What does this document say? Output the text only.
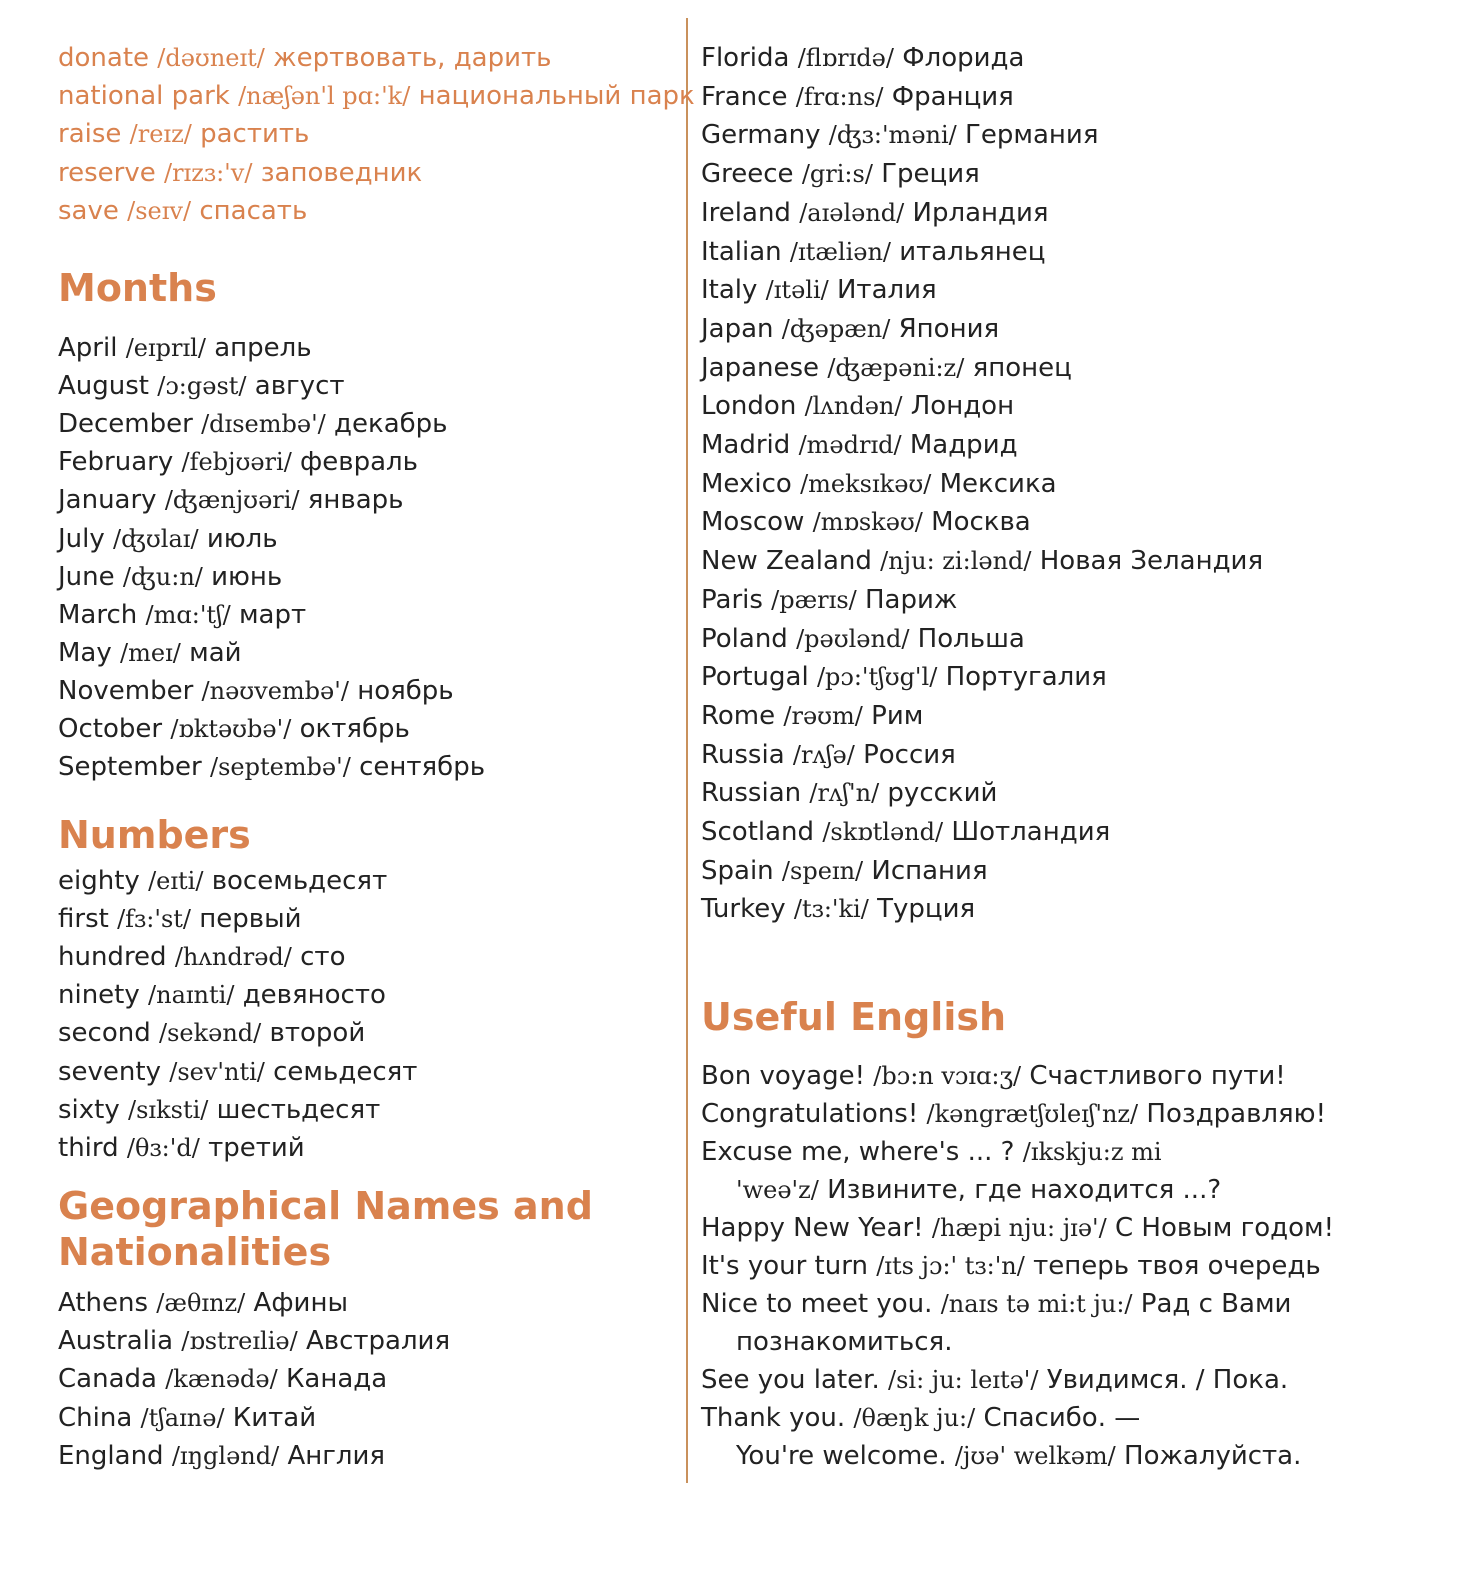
donate /dəʊneɪt/ жертвовать, дарить
national park /næʃən'l pɑ:'k/ национальный парк
raise /reɪz/ растить
reserve /rɪzɜ:'v/ заповедник
save /seɪv/ спасать
Months
April /eɪprɪl/ апрель
August /ɔ:gəst/ август
December /dɪsembə'/ декабрь
February /febjʊəri/ февраль
January /ʤænjʊəri/ январь
July /ʤʊlaɪ/ июль
June /ʤu:n/ июнь
March /mɑ:'tʃ/ март
May /meɪ/ май
November /nəʊvembə'/ ноябрь
October /ɒktəʊbə'/ октябрь
September /septembə'/ сентябрь
Numbers
eighty /eɪti/ восемьдесят
first /fɜ:'st/ первый
hundred /hʌndrəd/ сто
ninety /naɪnti/ девяносто
second /sekənd/ второй
seventy /sev'nti/ семьдесят
sixty /sɪksti/ шестьдесят
third /θɜ:'d/ третий
Geographical Names and
Nationalities
Athens /æθɪnz/ Афины
Australia /ɒstreɪliə/ Австралия
Canada /kænədə/ Канада
China /tʃaɪnə/ Китай
England /ɪŋglənd/ Англия
Florida /flɒrɪdə/ Флорида
France /frɑ:ns/ Франция
Germany /ʤɜ:'məni/ Германия
Greece /gri:s/ Греция
Ireland /aɪələnd/ Ирландия
Italian /ɪtæliən/ итальянец
Italy /ɪtəli/ Италия
Japan /ʤəpæn/ Япония
Japanese /ʤæpəni:z/ японец
London /lʌndən/ Лондон
Madrid /mədrɪd/ Мадрид
Mexico /meksɪkəʊ/ Мексика
Moscow /mɒskəʊ/ Москва
New Zealand /nju: zi:lənd/ Новая Зеландия
Paris /pærɪs/ Париж
Poland /pəʊlənd/ Польша
Portugal /pɔ:'tʃʊg'l/ Португалия
Rome /rəʊm/ Рим
Russia /rʌʃə/ Россия
Russian /rʌʃ'n/ русский
Scotland /skɒtlənd/ Шотландия
Spain /speɪn/ Испания
Turkey /tɜ:'ki/ Турция
Useful English
Bon voyage! /bɔ:n vɔɪɑ:ʒ/ Счастливого пути!
Congratulations! /kəngrætʃʊleɪʃ'nz/ Поздравляю!
Excuse me, where's ... ? /ɪkskju:z mi
'weə'z/ Извините, где находится ...?
Happy New Year! /hæpi nju: jɪə'/ С Новым годом!
It's your turn /ɪts jɔ:' tɜ:'n/ теперь твоя очередь
Nice to meet you. /naɪs tə mi:t ju:/ Рад с Вами
познакомиться.
See you later. /si: ju: leɪtə'/ Увидимся. / Пока.
Thank you. /θæŋk ju:/ Спасибо. —
You're welcome. /jʊə' welkəm/ Пожалуйста.
